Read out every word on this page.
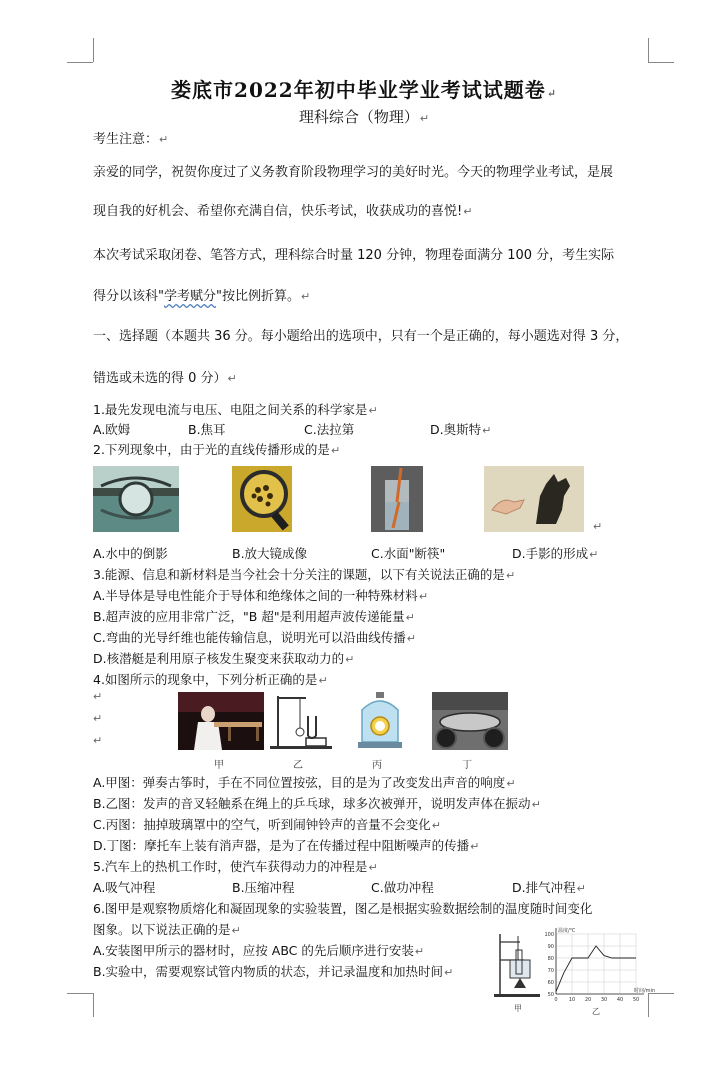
娄底市2022年初中毕业学业考试试题卷↵
理科综合（物理）↵
考生注意：↵
亲爱的同学，祝贺你度过了义务教育阶段物理学习的美好时光。今天的物理学业考试，是展
现自我的好机会、希望你充满自信，快乐考试，收获成功的喜悦!↵
本次考试采取闭卷、笔答方式，理科综合时量 120 分钟，物理卷面满分 100 分，考生实际
得分以该科"学考赋分"按比例折算。↵
一、选择题（本题共 36 分。每小题给出的选项中，只有一个是正确的，每小题选对得 3 分，
错选或未选的得 0 分）↵
1.最先发现电流与电压、电阻之间关系的科学家是↵
A.欧姆	B.焦耳	C.法拉第	D.奥斯特↵
2.下列现象中，由于光的直线传播形成的是↵
↵
A.水中的倒影	B.放大镜成像	C.水面"断筷"	D.手影的形成↵
3.能源、信息和新材料是当今社会十分关注的课题，以下有关说法正确的是↵
A.半导体是导电性能介于导体和绝缘体之间的一种特殊材料↵
B.超声波的应用非常广泛，"B 超"是利用超声波传递能量↵
C.弯曲的光导纤维也能传输信息，说明光可以沿曲线传播↵
D.核潜艇是利用原子核发生聚变来获取动力的↵
4.如图所示的现象中，下列分析正确的是↵
↵
↵
↵
甲	乙	丙	丁
A.甲图：弹奏古筝时，手在不同位置按弦，目的是为了改变发出声音的响度↵
B.乙图：发声的音叉轻触系在绳上的乒乓球，球多次被弹开，说明发声体在振动↵
C.丙图：抽掉玻璃罩中的空气，听到闹钟铃声的音量不会变化↵
D.丁图：摩托车上装有消声器，是为了在传播过程中阻断噪声的传播↵
5.汽车上的热机工作时，使汽车获得动力的冲程是↵
A.吸气冲程	B.压缩冲程	C.做功冲程	D.排气冲程↵
6.图甲是观察物质熔化和凝固现象的实验装置，图乙是根据实验数据绘制的温度随时间变化
图象。以下说法正确的是↵
A.安装图甲所示的器材时，应按 ABC 的先后顺序进行安装↵
B.实验中，需要观察试管内物质的状态，并记录温度和加热时间↵
甲
50
60
70
80
90
100
0 10 20 30 40 50
温度/℃
时间/min
乙
